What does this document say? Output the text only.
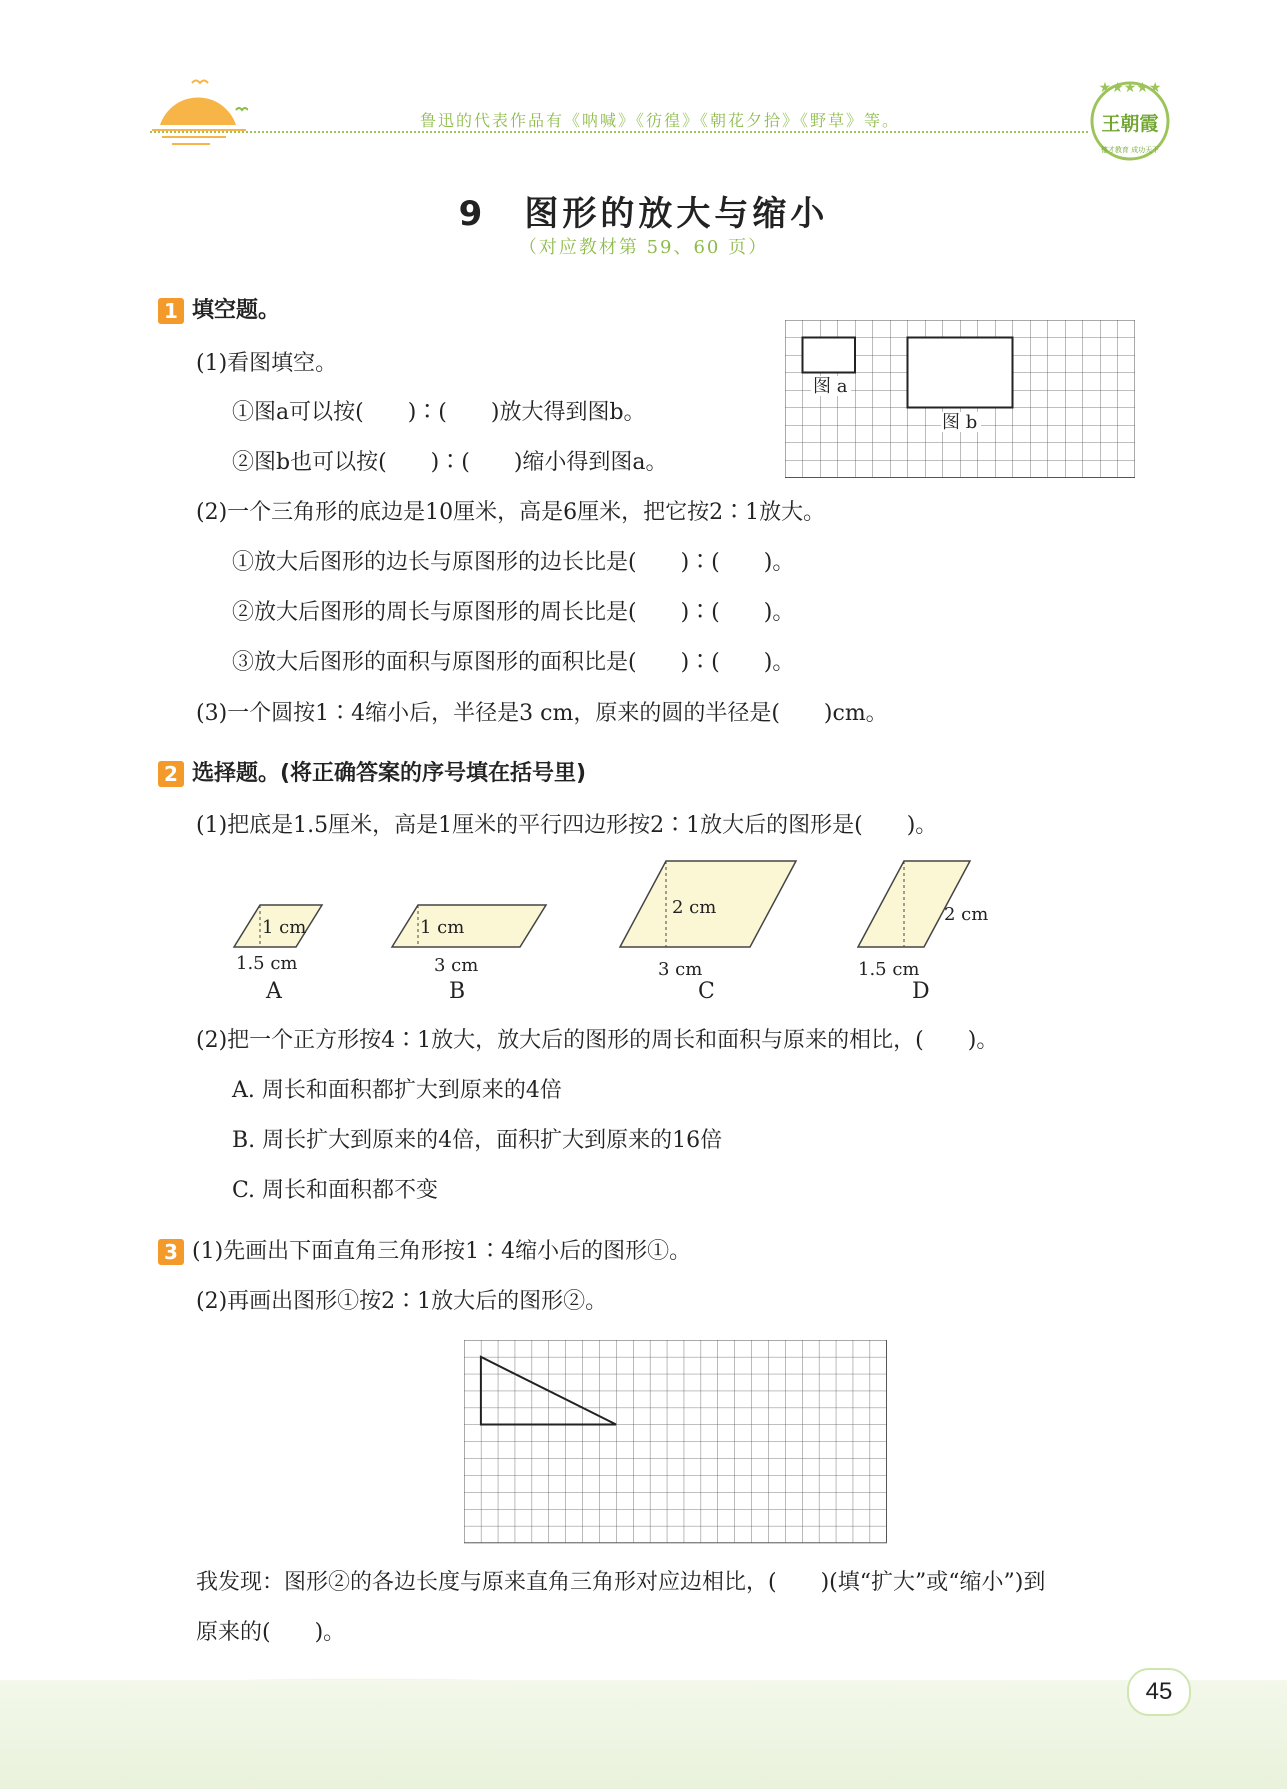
鲁迅的代表作品有《呐喊》《彷徨》《朝花夕拾》《野草》等。
★★★★★
王朝霞
德才教育 成功天下
9　图形的放大与缩小
（对应教材第 59、60 页）
1 填空题。
(1)看图填空。
①图a可以按(　　)∶(　　)放大得到图b。
②图b也可以按(　　)∶(　　)缩小得到图a。
图 a
图 b
(2)一个三角形的底边是10厘米，高是6厘米，把它按2∶1放大。
①放大后图形的边长与原图形的边长比是(　　)∶(　　)。
②放大后图形的周长与原图形的周长比是(　　)∶(　　)。
③放大后图形的面积与原图形的面积比是(　　)∶(　　)。
(3)一个圆按1∶4缩小后，半径是3 cm，原来的圆的半径是(　　)cm。
2 选择题。(将正确答案的序号填在括号里)
(1)把底是1.5厘米，高是1厘米的平行四边形按2∶1放大后的图形是(　　)。
1 cm
1.5 cm
A
1 cm
3 cm
B
2 cm
3 cm
C
2 cm
1.5 cm
D
(2)把一个正方形按4∶1放大，放大后的图形的周长和面积与原来的相比，(　　)。
A. 周长和面积都扩大到原来的4倍
B. 周长扩大到原来的4倍，面积扩大到原来的16倍
C. 周长和面积都不变
3 (1)先画出下面直角三角形按1∶4缩小后的图形①。
(2)再画出图形①按2∶1放大后的图形②。
我发现：图形②的各边长度与原来直角三角形对应边相比，(　　)(填“扩大”或“缩小”)到
原来的(　　)。
45
